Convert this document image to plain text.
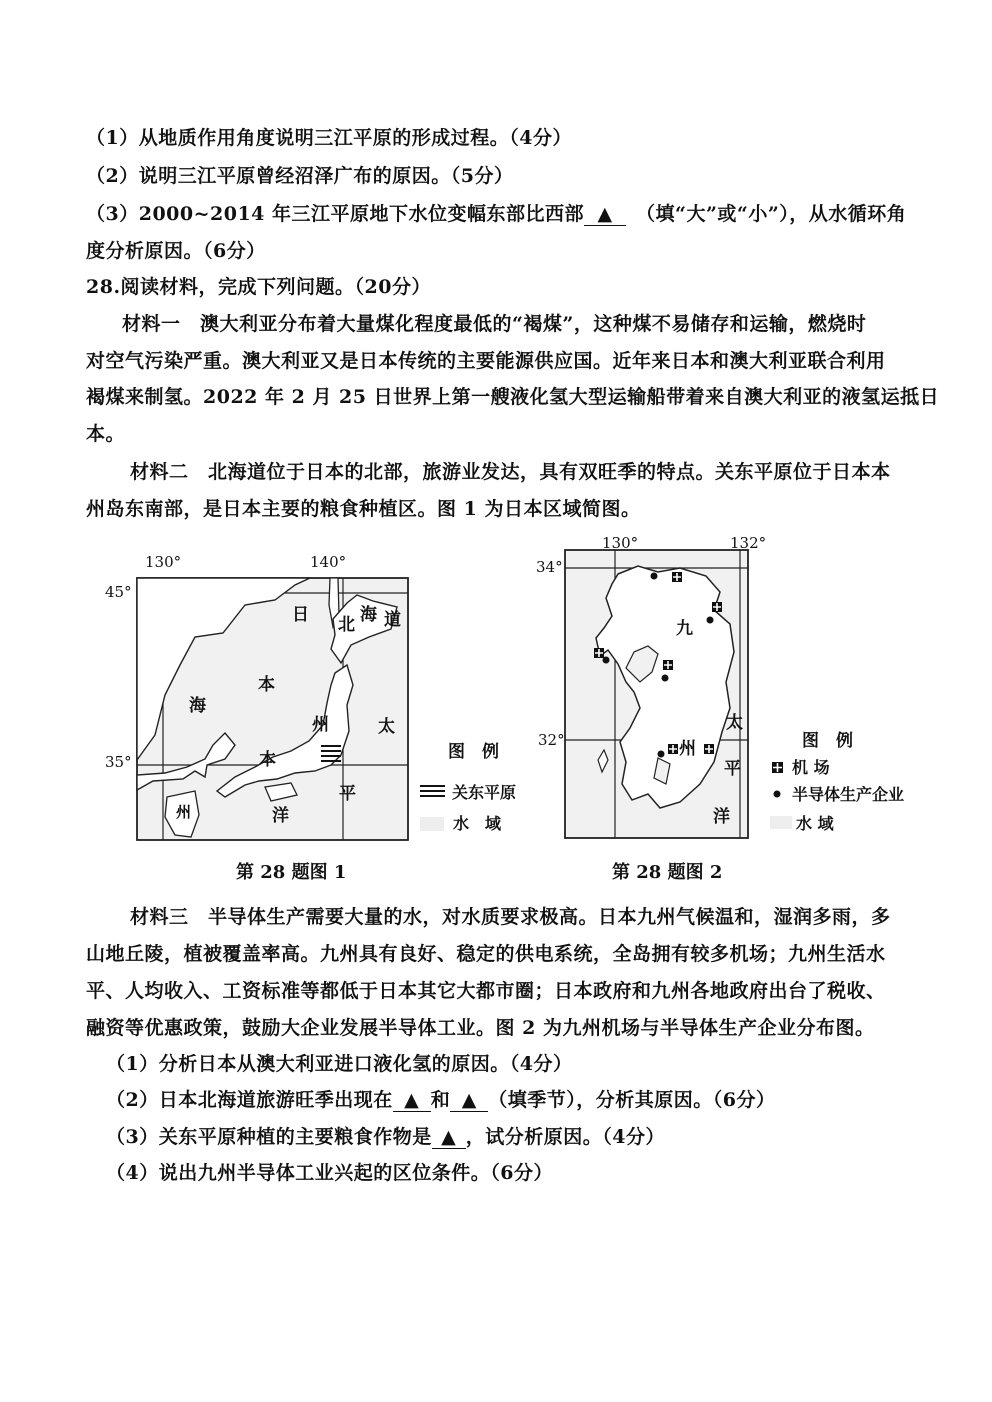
（1）从地质作用角度说明三江平原的形成过程。（4分）
（2）说明三江平原曾经沼泽广布的原因。（5分）
（3）2000~2014 年三江平原地下水位变幅东部比西部 ▲　 （填“大”或“小”），从水循环角
度分析原因。（6分）
28.阅读材料，完成下列问题。（20分）
材料一　澳大利亚分布着大量煤化程度最低的“褐煤”，这种煤不易储存和运输，燃烧时
对空气污染严重。澳大利亚又是日本传统的主要能源供应国。近年来日本和澳大利亚联合利用
褐煤来制氢。2022 年 2 月 25 日世界上第一艘液化氢大型运输船带着来自澳大利亚的液氢运抵日
本。
材料二　北海道位于日本的北部，旅游业发达，具有双旺季的特点。关东平原位于日本本
州岛东南部，是日本主要的粮食种植区。图 1 为日本区域简图。
130°	140°
45°
35°
日
本
海
北 海 道
本
州
州
太
平
洋
图　例
关东平原
水　域
第 28 题图 1
130°	132°
34°
32°
九
州
太
平
洋
图　例
机 场
半导体生产企业
水 域
第 28 题图 2
材料三　半导体生产需要大量的水，对水质要求极高。日本九州气候温和，湿润多雨，多
山地丘陵，植被覆盖率高。九州具有良好、稳定的供电系统，全岛拥有较多机场；九州生活水
平、人均收入、工资标准等都低于日本其它大都市圈；日本政府和九州各地政府出台了税收、
融资等优惠政策，鼓励大企业发展半导体工业。图 2 为九州机场与半导体生产企业分布图。
（1）分析日本从澳大利亚进口液化氢的原因。（4分）
（2）日本北海道旅游旺季出现在 ▲ 和 ▲ （填季节），分析其原因。（6分）
（3）关东平原种植的主要粮食作物是 ▲ ，试分析原因。（4分）
（4）说出九州半导体工业兴起的区位条件。（6分）
